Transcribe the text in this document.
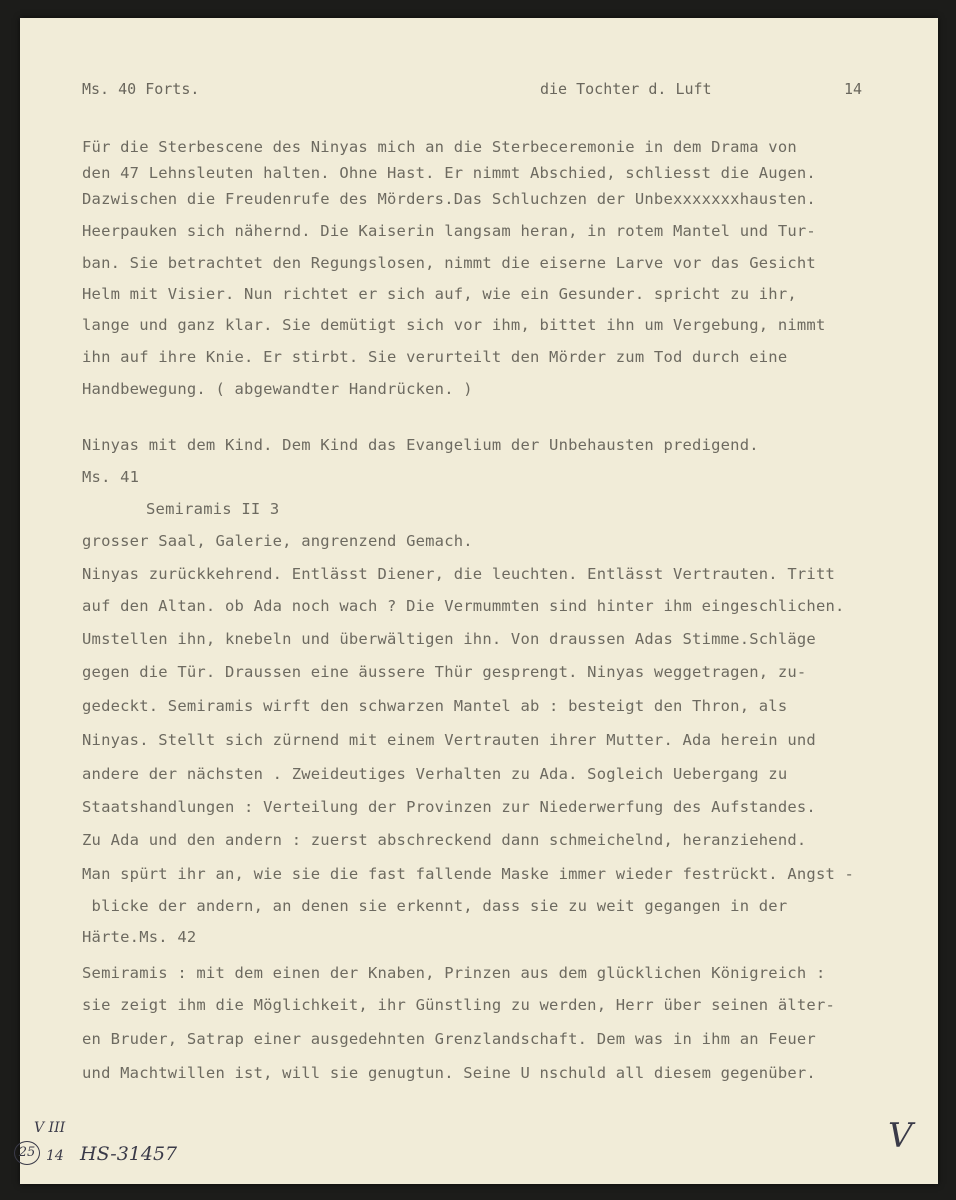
Ms. 40 Forts.	die Tochter d. Luft	14
Für die Sterbescene des Ninyas mich an die Sterbeceremonie in dem Drama von
den 47 Lehnsleuten halten. Ohne Hast. Er nimmt Abschied, schliesst die Augen.
Dazwischen die Freudenrufe des Mörders.Das Schluchzen der Unbexxxxxxxhausten.
Heerpauken sich nähernd. Die Kaiserin langsam heran, in rotem Mantel und Tur-
ban. Sie betrachtet den Regungslosen, nimmt die eiserne Larve vor das Gesicht
Helm mit Visier. Nun richtet er sich auf, wie ein Gesunder. spricht zu ihr,
lange und ganz klar. Sie demütigt sich vor ihm, bittet ihn um Vergebung, nimmt
ihn auf ihre Knie. Er stirbt. Sie verurteilt den Mörder zum Tod durch eine
Handbewegung. ( abgewandter Handrücken. )
Ninyas mit dem Kind. Dem Kind das Evangelium der Unbehausten predigend.
Ms. 41
Semiramis II 3
grosser Saal, Galerie, angrenzend Gemach.
Ninyas zurückkehrend. Entlässt Diener, die leuchten. Entlässt Vertrauten. Tritt
auf den Altan. ob Ada noch wach ? Die Vermummten sind hinter ihm eingeschlichen.
Umstellen ihn, knebeln und überwältigen ihn. Von draussen Adas Stimme.Schläge
gegen die Tür. Draussen eine äussere Thür gesprengt. Ninyas weggetragen, zu-
gedeckt. Semiramis wirft den schwarzen Mantel ab : besteigt den Thron, als
Ninyas. Stellt sich zürnend mit einem Vertrauten ihrer Mutter. Ada herein und
andere der nächsten . Zweideutiges Verhalten zu Ada. Sogleich Uebergang zu
Staatshandlungen : Verteilung der Provinzen zur Niederwerfung des Aufstandes.
Zu Ada und den andern : zuerst abschreckend dann schmeichelnd, heranziehend.
Man spürt ihr an, wie sie die fast fallende Maske immer wieder festrückt. Angst -
blicke der andern, an denen sie erkennt, dass sie zu weit gegangen in der
Härte.Ms. 42
Semiramis : mit dem einen der Knaben, Prinzen aus dem glücklichen Königreich :
sie zeigt ihm die Möglichkeit, ihr Günstling zu werden, Herr über seinen älter-
en Bruder, Satrap einer ausgedehnten Grenzlandschaft. Dem was in ihm an Feuer
und Machtwillen ist, will sie genugtun. Seine U nschuld all diesem gegenüber.
V
V III
25 14 HS-31457
